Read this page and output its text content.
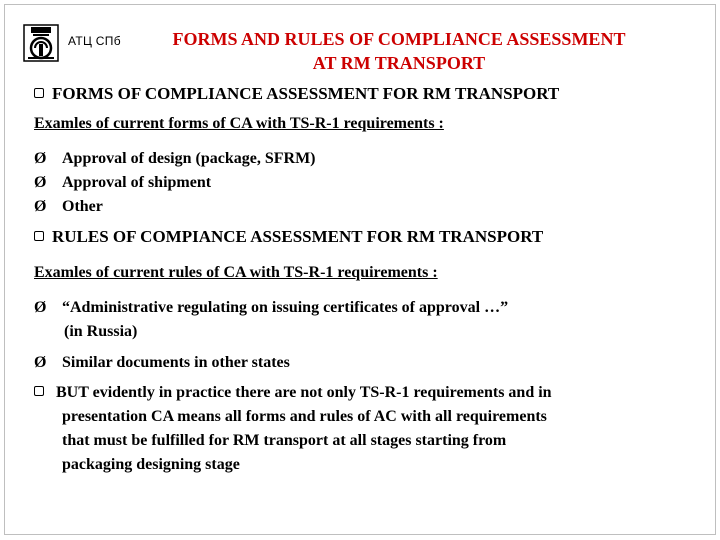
АТЦ СПб	FORMS AND RULES OF COMPLIANCE ASSESSMENT
AT RM TRANSPORT
FORMS OF COMPLIANCE ASSESSMENT FOR RM TRANSPORT
Examles of current forms of CA with TS-R-1 requirements :
Ø Approval of design (package, SFRM)
Ø Approval of shipment
Ø Other
RULES OF COMPIANCE ASSESSMENT FOR RM TRANSPORT
Examles of current rules of CA with TS-R-1 requirements :
Ø “Administrative regulating on issuing certificates of approval …”
(in Russia)
Ø Similar documents in other states
BUT evidently in practice there are not only TS-R-1 requirements and in
presentation CA means all forms and rules of AC with all requirements
that must be fulfilled for RM transport at all stages starting from
packaging designing stage
